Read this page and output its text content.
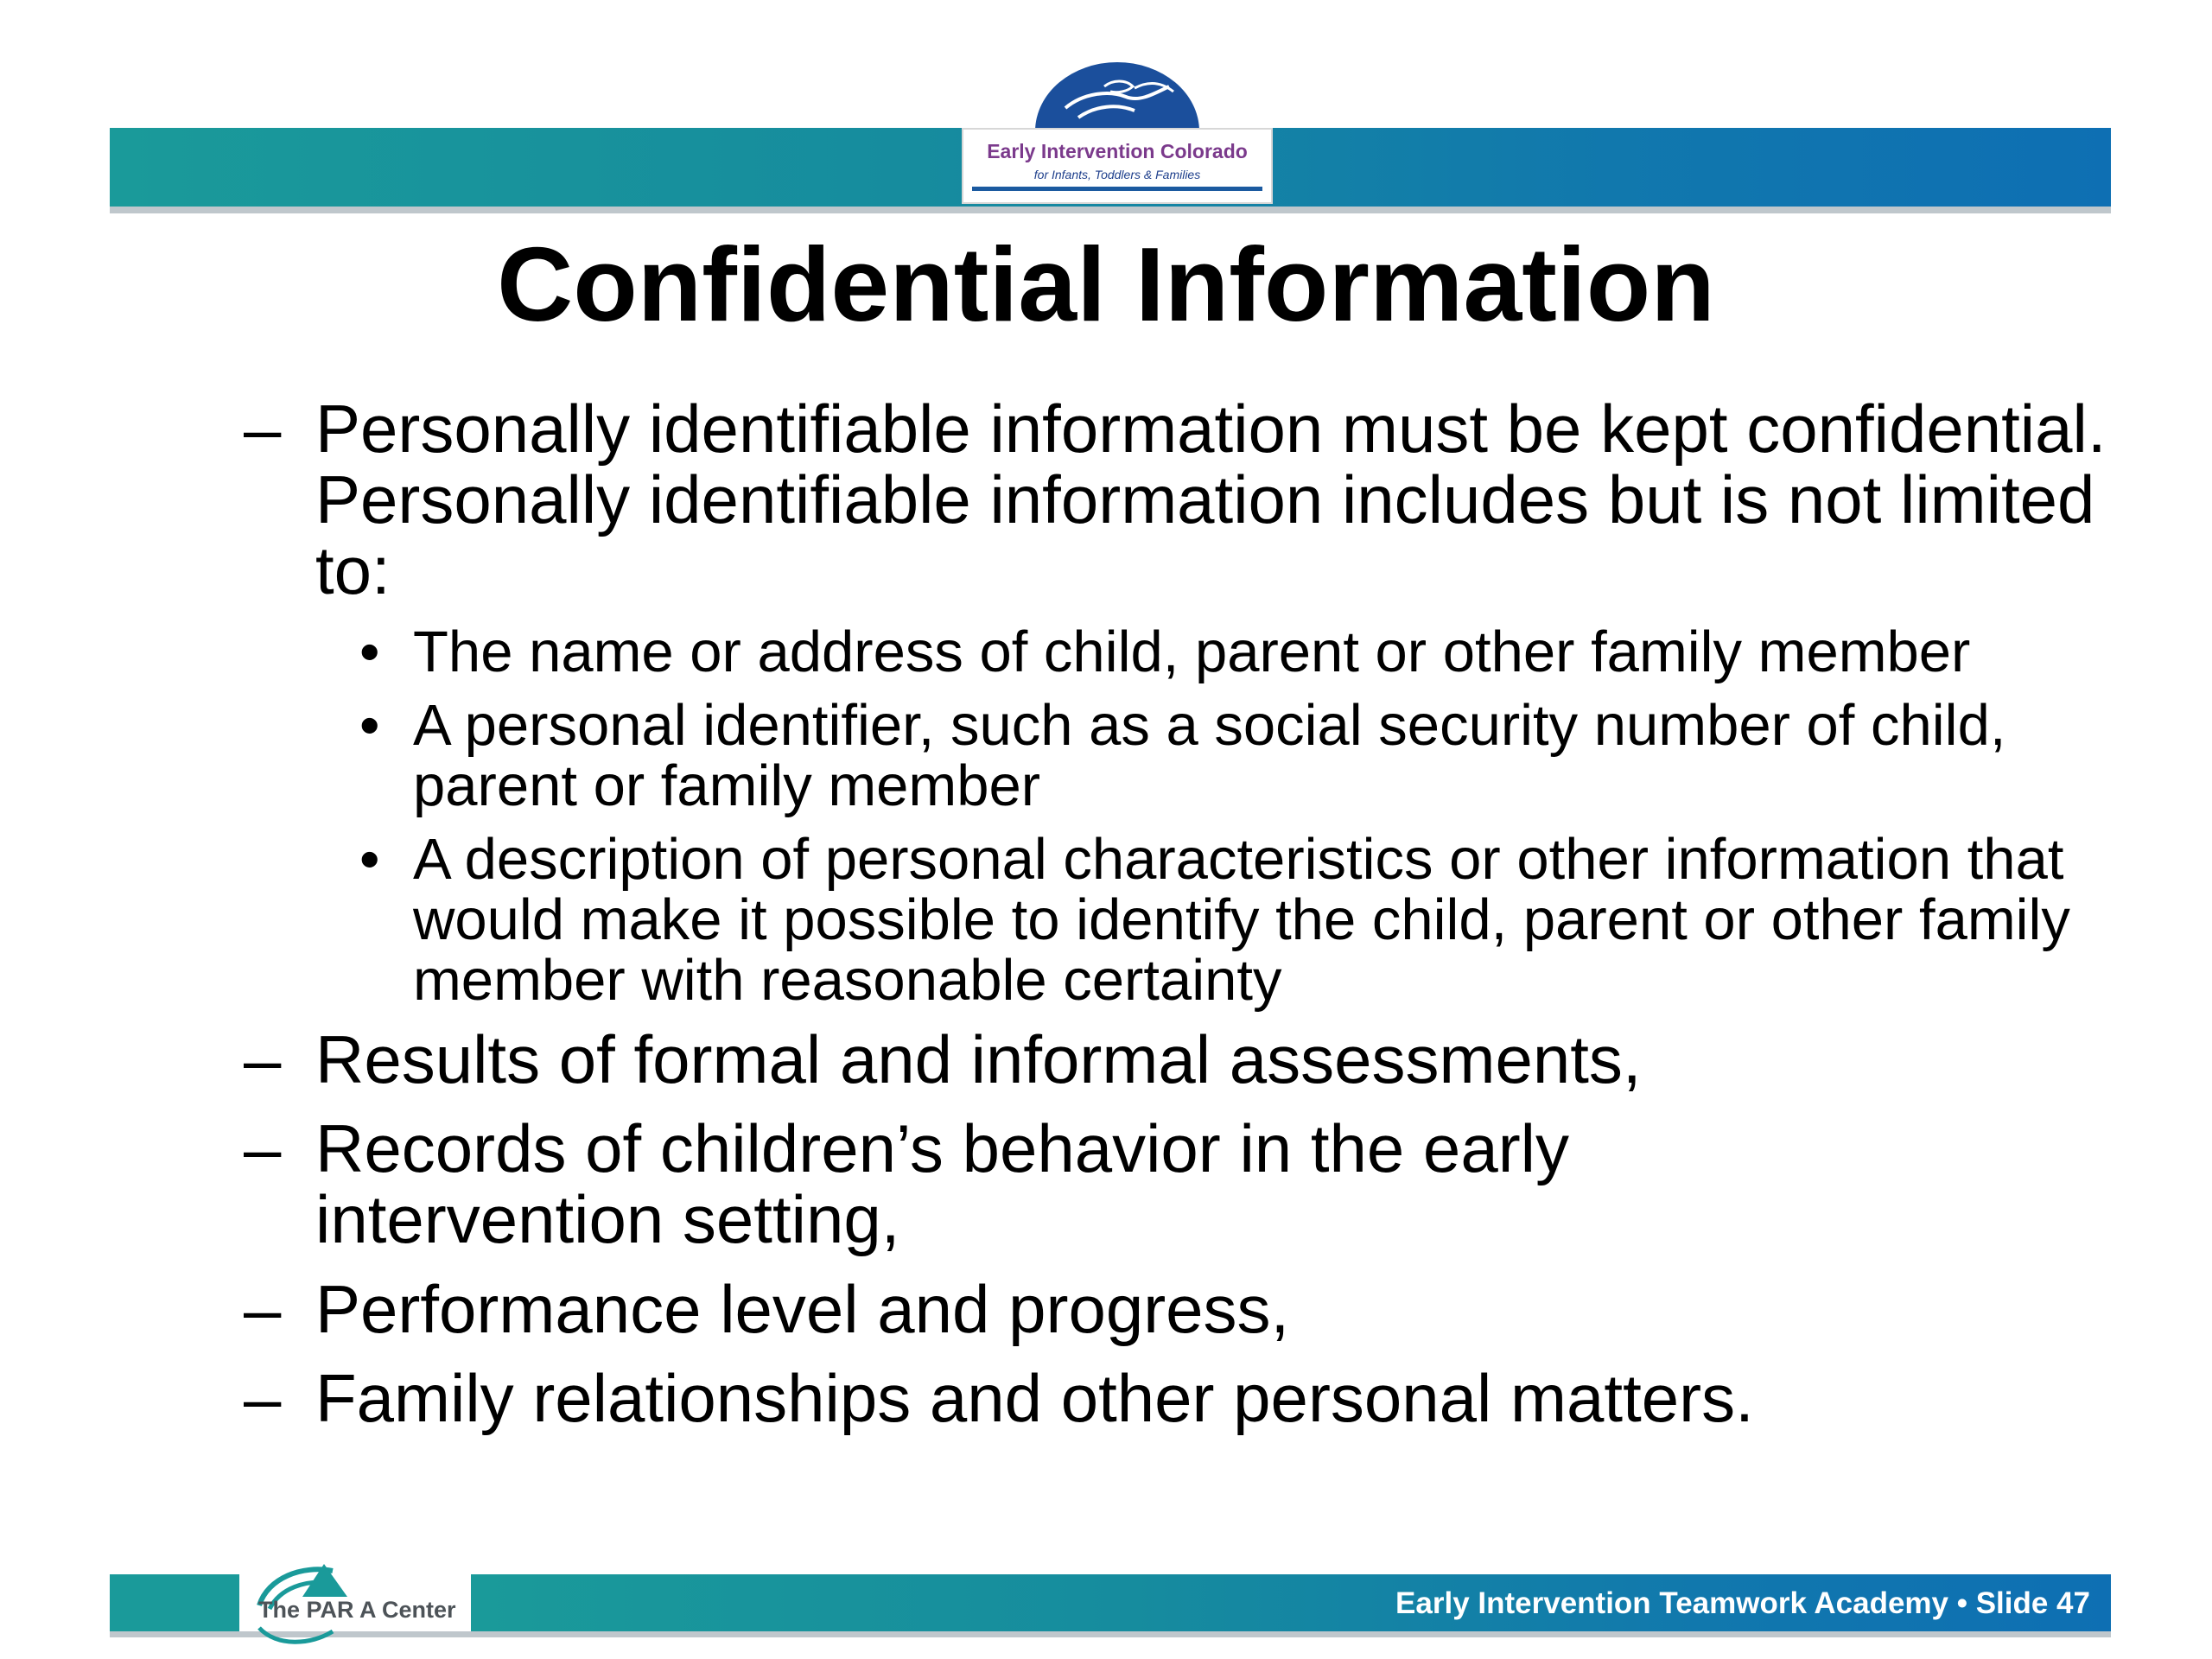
Early Intervention Colorado
for Infants, Toddlers & Families
Confidential Information
– Personally identifiable information must be kept confidential. Personally identifiable information includes but is not limited to:
• The name or address of child, parent or other family member
• A personal identifier, such as a social security number of child, parent or family member
• A description of personal characteristics or other information that would make it possible to identify the child, parent or other family member with reasonable certainty
– Results of formal and informal assessments,
– Records of children’s behavior in the early intervention setting,
– Performance level and progress,
– Family relationships and other personal matters.
The PAR A Center	Early Intervention Teamwork Academy • Slide 47
